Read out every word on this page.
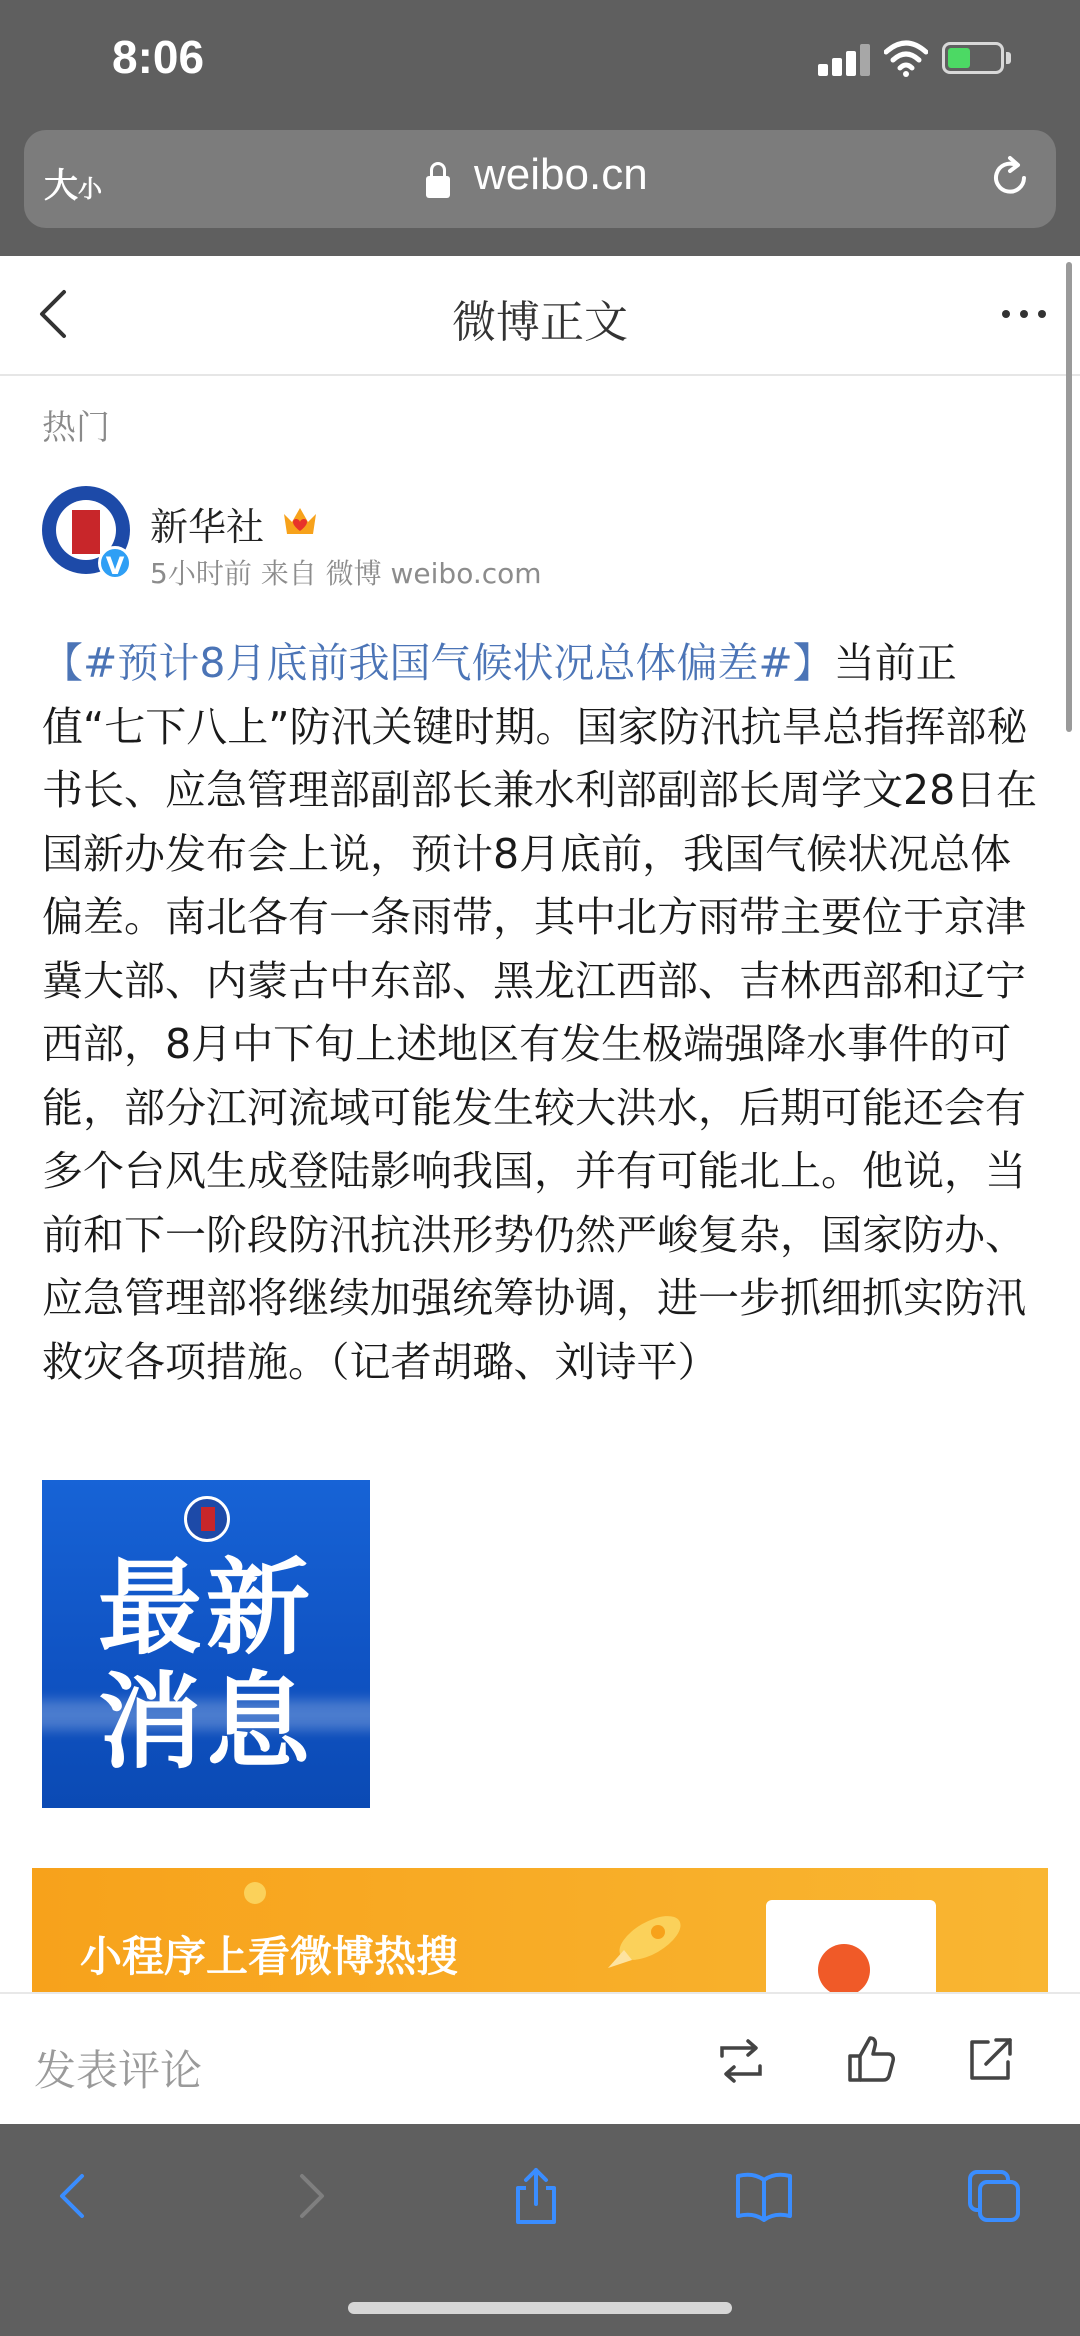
8:06
大小	weibo.cn
微博正文
热门
V
新华社
5小时前 来自 微博 weibo.com
【#预计8月底前我国气候状况总体偏差#】当前正值“七下八上”防汛关键时期。国家防汛抗旱总指挥部秘书长、应急管理部副部长兼水利部副部长周学文28日在国新办发布会上说，预计8月底前，我国气候状况总体偏差。南北各有一条雨带，其中北方雨带主要位于京津冀大部、内蒙古中东部、黑龙江西部、吉林西部和辽宁西部，8月中下旬上述地区有发生极端强降水事件的可能，部分江河流域可能发生较大洪水，后期可能还会有多个台风生成登陆影响我国，并有可能北上。他说，当前和下一阶段防汛抗洪形势仍然严峻复杂，国家防办、应急管理部将继续加强统筹协调，进一步抓细抓实防汛救灾各项措施。（记者胡璐、刘诗平）
最新
消息
小程序上看微博热搜
发表评论
